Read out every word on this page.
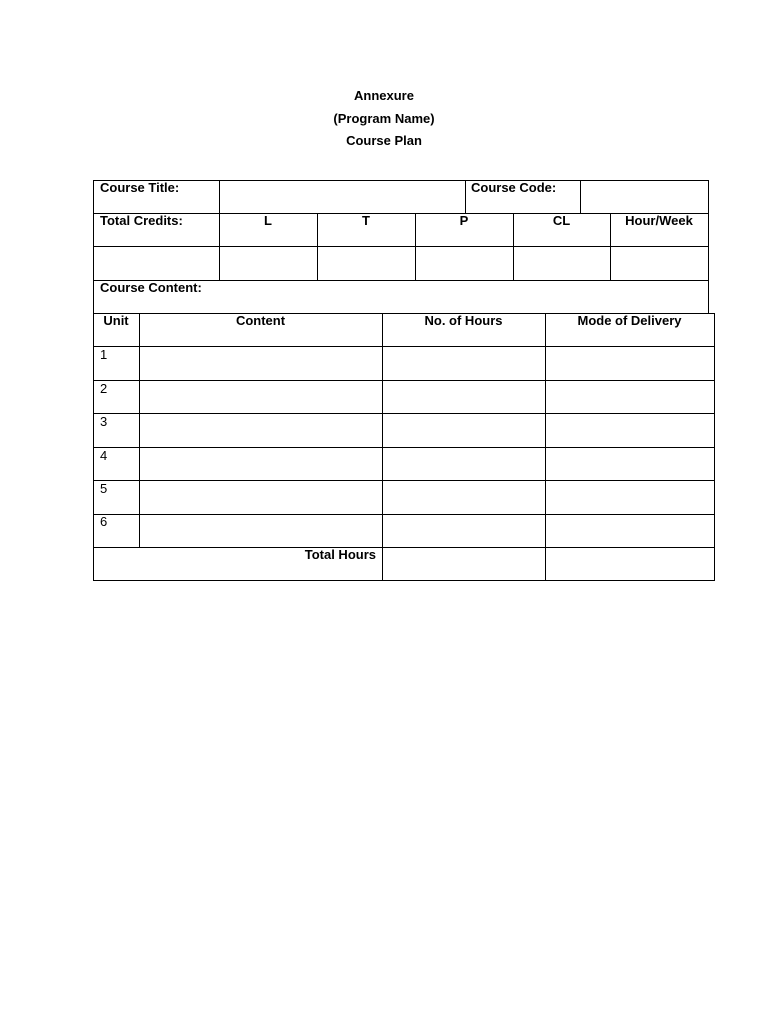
Annexure
(Program Name)
Course Plan
Course Title:	Course Code:
Total Credits:	L	T	P	CL	Hour/Week
Course Content:
Unit	Content	No. of Hours	Mode of Delivery
1
2
3
4
5
6
Total Hours
